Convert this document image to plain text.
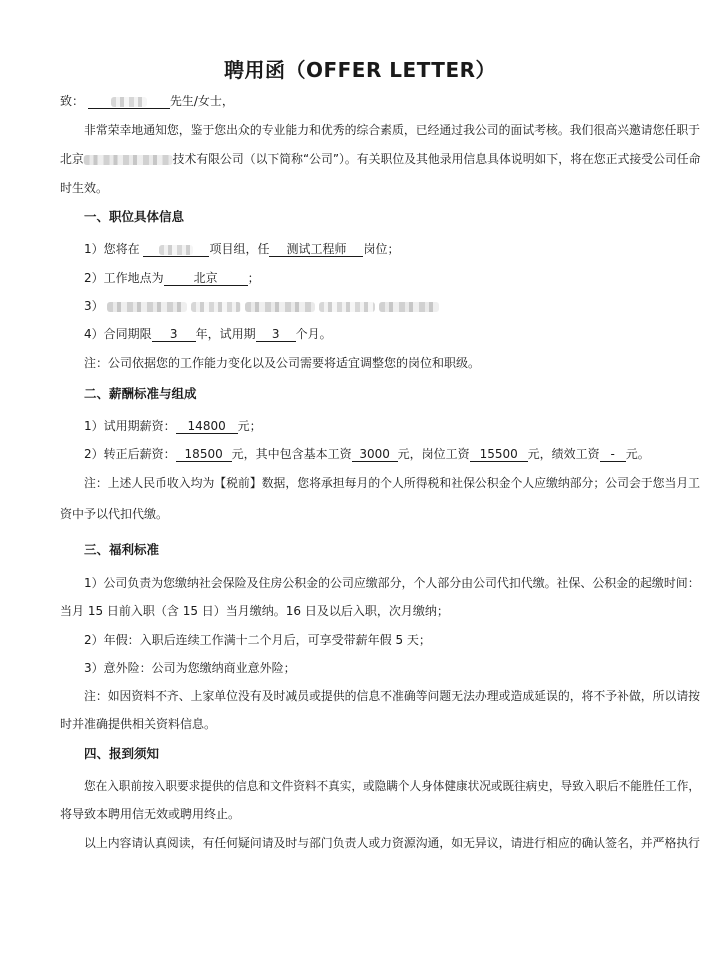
聘用函（OFFER LETTER）
致：	先生/女士，
非常荣幸地通知您，鉴于您出众的专业能力和优秀的综合素质，已经通过我公司的面试考核。我们很高兴邀请您任职于
北京	技术有限公司（以下简称“公司”）。有关职位及其他录用信息具体说明如下，将在您正式接受公司任命
时生效。
一、职位具体信息
1）您将在	项目组，任 测试工程师 岗位；
2）工作地点为 北京	；
3）
4）合同期限 3 年，试用期 3 个月。
注：公司依据您的工作能力变化以及公司需要将适宜调整您的岗位和职级。
二、薪酬标准与组成
1）试用期薪资： 14800 元；
2）转正后薪资： 18500 元，其中包含基本工资 3000 元，岗位工资 15500 元，绩效工资 - 元。
注：上述人民币收入均为【税前】数据，您将承担每月的个人所得税和社保公积金个人应缴纳部分；公司会于您当月工
资中予以代扣代缴。
三、福利标准
1）公司负责为您缴纳社会保险及住房公积金的公司应缴部分，个人部分由公司代扣代缴。社保、公积金的起缴时间：
当月 15 日前入职（含 15 日）当月缴纳。16 日及以后入职，次月缴纳；
2）年假：入职后连续工作满十二个月后，可享受带薪年假 5 天；
3）意外险：公司为您缴纳商业意外险；
注：如因资料不齐、上家单位没有及时减员或提供的信息不准确等问题无法办理或造成延误的，将不予补做，所以请按
时并准确提供相关资料信息。
四、报到须知
您在入职前按入职要求提供的信息和文件资料不真实，或隐瞒个人身体健康状况或既往病史，导致入职后不能胜任工作，
将导致本聘用信无效或聘用终止。
以上内容请认真阅读，有任何疑问请及时与部门负责人或力资源沟通，如无异议，请进行相应的确认签名，并严格执行
